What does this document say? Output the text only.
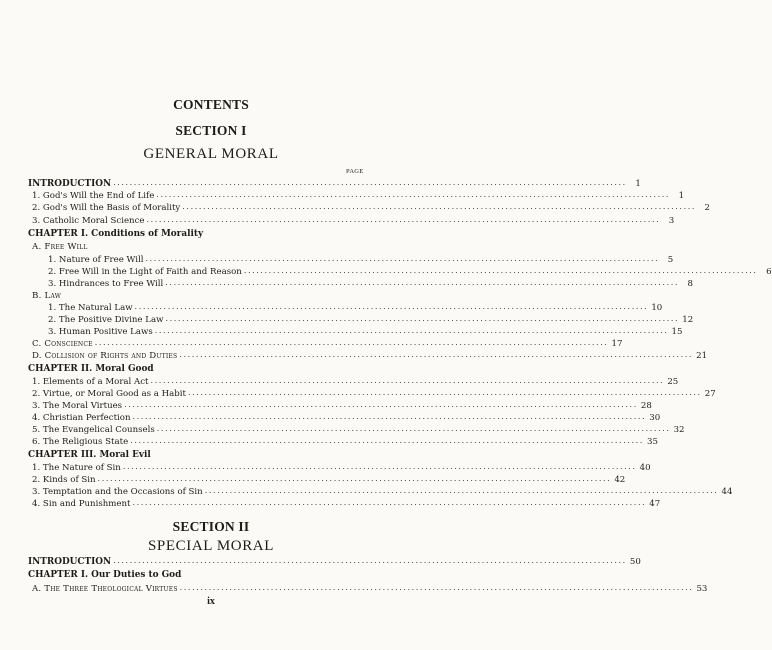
CONTENTS
SECTION I
GENERAL MORAL
PAGE
INTRODUCTION ............................................................................................................................ 1
1. God's Will the End of Life ............................................................................................................................ 1
2. God's Will the Basis of Morality ............................................................................................................................ 2
3. Catholic Moral Science ............................................................................................................................ 3
CHAPTER I. Conditions of Morality
A. Free Will
1. Nature of Free Will ............................................................................................................................ 5
2. Free Will in the Light of Faith and Reason ............................................................................................................................ 6
3. Hindrances to Free Will ............................................................................................................................ 8
B. Law
1. The Natural Law ............................................................................................................................ 10
2. The Positive Divine Law ............................................................................................................................ 12
3. Human Positive Laws ............................................................................................................................ 15
C. Conscience ............................................................................................................................ 17
D. Collision of Rights and Duties ............................................................................................................................ 21
CHAPTER II. Moral Good
1. Elements of a Moral Act ............................................................................................................................ 25
2. Virtue, or Moral Good as a Habit ............................................................................................................................ 27
3. The Moral Virtues ............................................................................................................................ 28
4. Christian Perfection ............................................................................................................................ 30
5. The Evangelical Counsels ............................................................................................................................ 32
6. The Religious State ............................................................................................................................ 35
CHAPTER III. Moral Evil
1. The Nature of Sin ............................................................................................................................ 40
2. Kinds of Sin ............................................................................................................................ 42
3. Temptation and the Occasions of Sin ............................................................................................................................ 44
4. Sin and Punishment ............................................................................................................................ 47
SECTION II
SPECIAL MORAL
INTRODUCTION ............................................................................................................................ 50
CHAPTER I. Our Duties to God
A. The Three Theological Virtues ............................................................................................................................ 53
ix
